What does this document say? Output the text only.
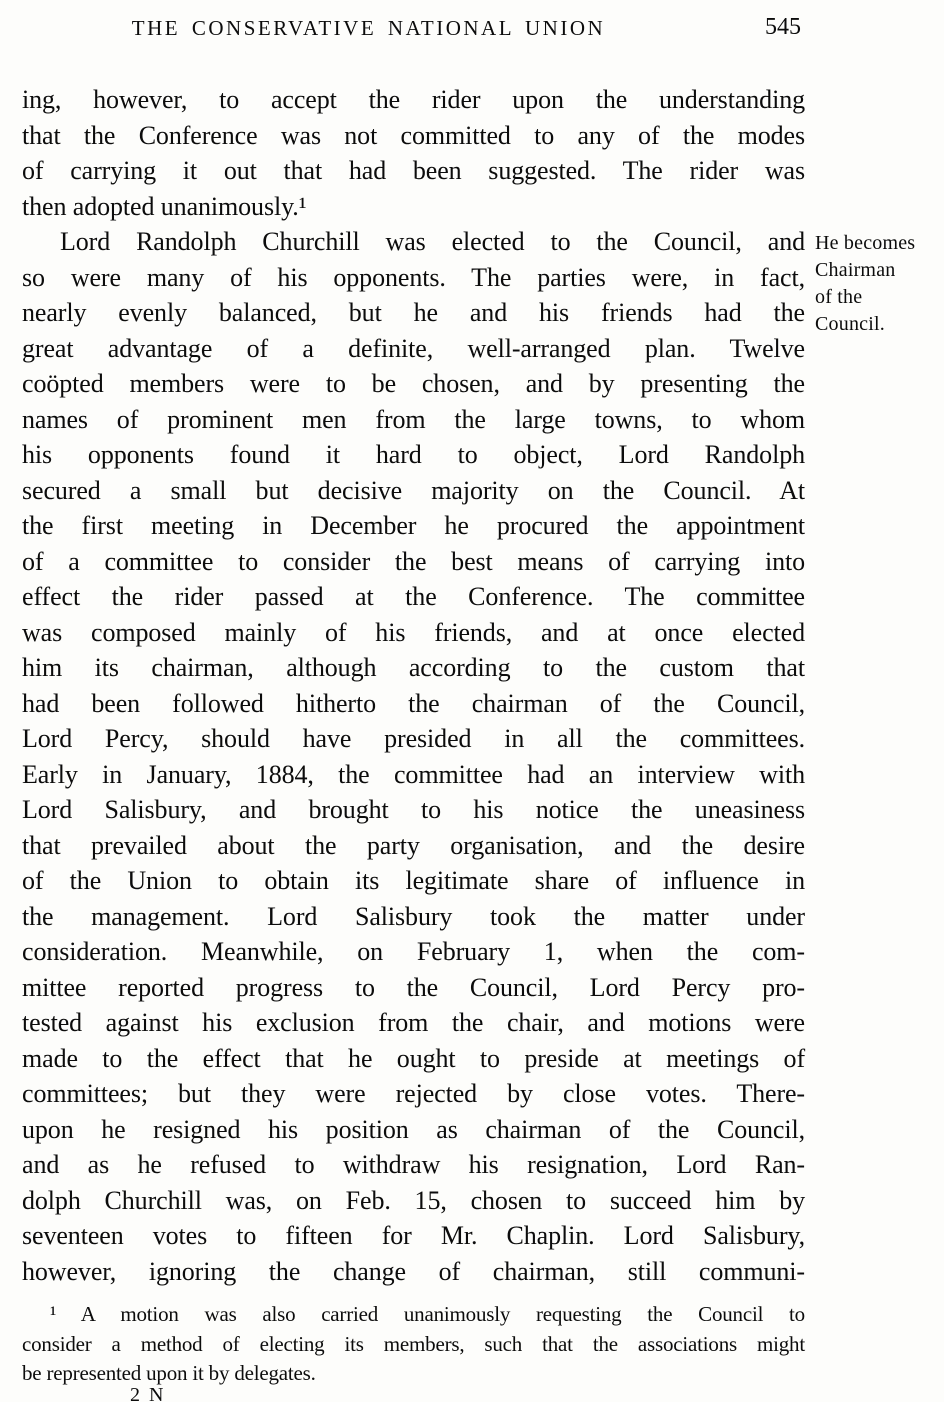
THE CONSERVATIVE NATIONAL UNION	545
ing, however, to accept the rider upon the understanding
that the Conference was not committed to any of the modes
of carrying it out that had been suggested. The rider was
then adopted unanimously.¹
Lord Randolph Churchill was elected to the Council, and
so were many of his opponents. The parties were, in fact,
nearly evenly balanced, but he and his friends had the
great advantage of a definite, well-arranged plan. Twelve
coöpted members were to be chosen, and by presenting the
names of prominent men from the large towns, to whom
his opponents found it hard to object, Lord Randolph
secured a small but decisive majority on the Council. At
the first meeting in December he procured the appointment
of a committee to consider the best means of carrying into
effect the rider passed at the Conference. The committee
was composed mainly of his friends, and at once elected
him its chairman, although according to the custom that
had been followed hitherto the chairman of the Council,
Lord Percy, should have presided in all the committees.
Early in January, 1884, the committee had an interview with
Lord Salisbury, and brought to his notice the uneasiness
that prevailed about the party organisation, and the desire
of the Union to obtain its legitimate share of influence in
the management. Lord Salisbury took the matter under
consideration. Meanwhile, on February 1, when the com-
mittee reported progress to the Council, Lord Percy pro-
tested against his exclusion from the chair, and motions were
made to the effect that he ought to preside at meetings of
committees; but they were rejected by close votes. There-
upon he resigned his position as chairman of the Council,
and as he refused to withdraw his resignation, Lord Ran-
dolph Churchill was, on Feb. 15, chosen to succeed him by
seventeen votes to fifteen for Mr. Chaplin. Lord Salisbury,
however, ignoring the change of chairman, still communi-
He becomes
Chairman
of the
Council.
¹ A motion was also carried unanimously requesting the Council to
consider a method of electing its members, such that the associations might
be represented upon it by delegates.
2 N
